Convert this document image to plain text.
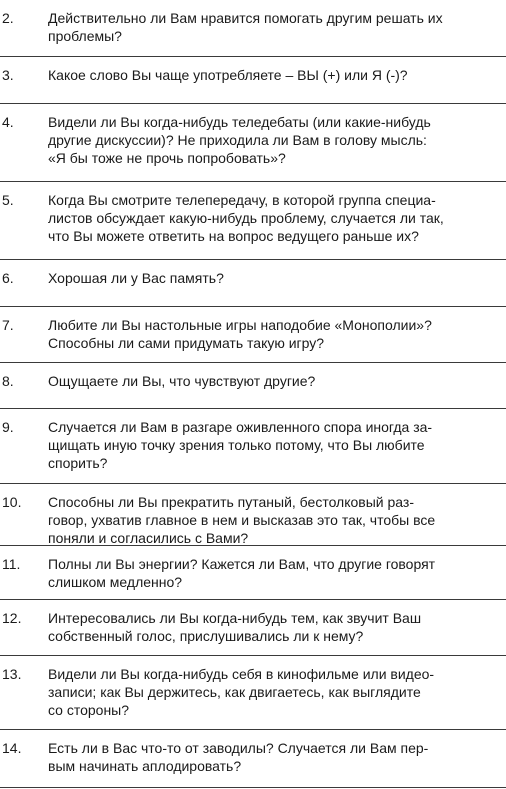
2. Действительно ли Вам нравится помогать другим решать их
проблемы?
3. Какое слово Вы чаще употребляете – ВЫ (+) или Я (-)?
4. Видели ли Вы когда-нибудь теледебаты (или какие-нибудь
другие дискуссии)? Не приходила ли Вам в голову мысль:
«Я бы тоже не прочь попробовать»?
5. Когда Вы смотрите телепередачу, в которой группа специа-
листов обсуждает какую-нибудь проблему, случается ли так,
что Вы можете ответить на вопрос ведущего раньше их?
6. Хорошая ли у Вас память?
7. Любите ли Вы настольные игры наподобие «Монополии»?
Способны ли сами придумать такую игру?
8. Ощущаете ли Вы, что чувствуют другие?
9. Случается ли Вам в разгаре оживленного спора иногда за-
щищать иную точку зрения только потому, что Вы любите
спорить?
10. Способны ли Вы прекратить путаный, бестолковый раз-
говор, ухватив главное в нем и высказав это так, чтобы все
поняли и согласились с Вами?
11. Полны ли Вы энергии? Кажется ли Вам, что другие говорят
слишком медленно?
12. Интересовались ли Вы когда-нибудь тем, как звучит Ваш
собственный голос, прислушивались ли к нему?
13. Видели ли Вы когда-нибудь себя в кинофильме или видео-
записи; как Вы держитесь, как двигаетесь, как выглядите
со стороны?
14. Есть ли в Вас что-то от заводилы? Случается ли Вам пер-
вым начинать аплодировать?
